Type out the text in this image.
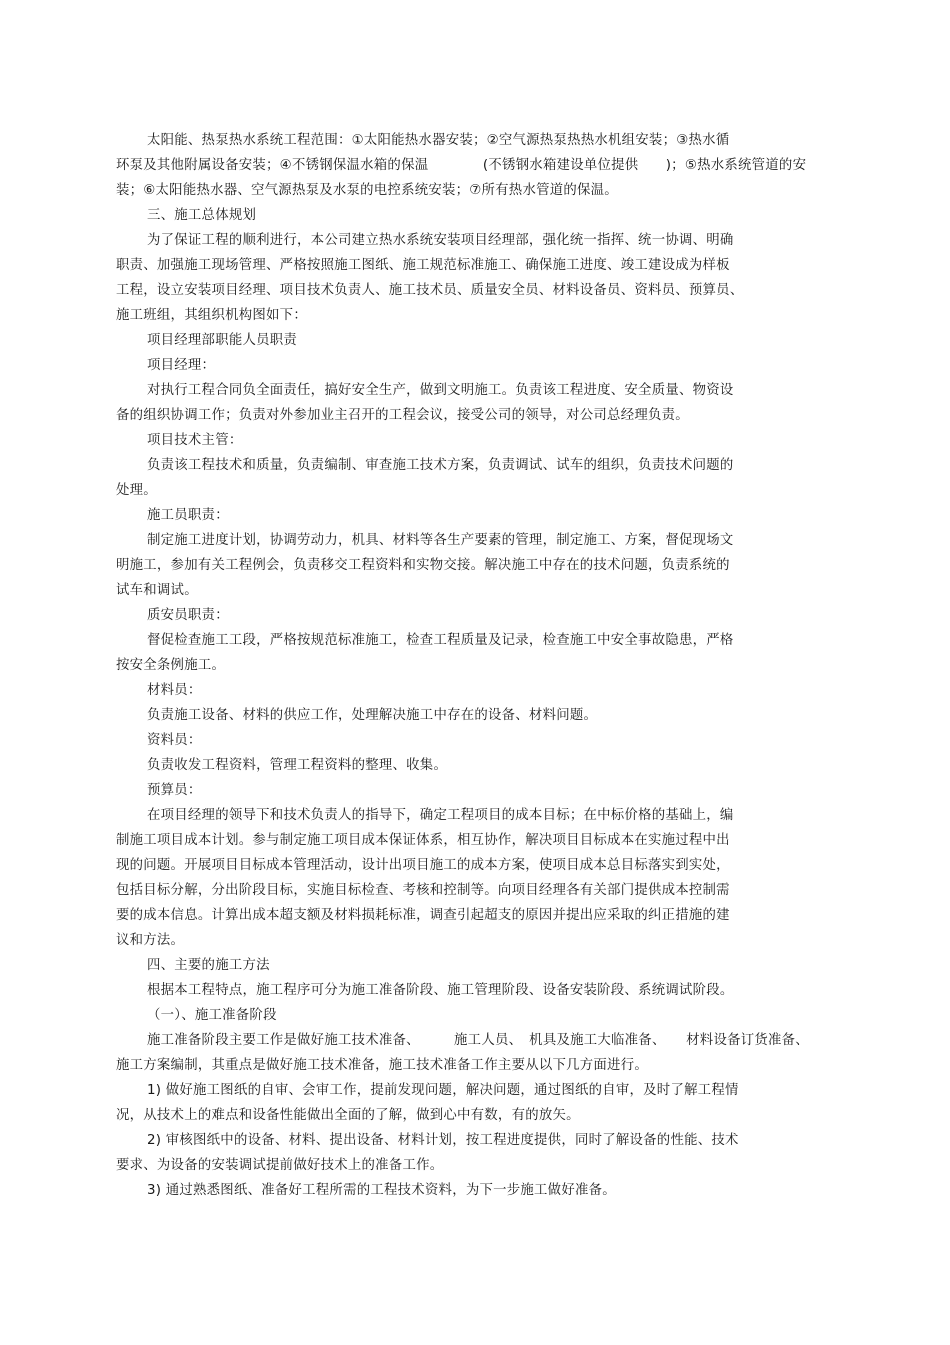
太阳能、热泵热水系统工程范围：①太阳能热水器安装；②空气源热泵热热水机组安装；③热水循
环泵及其他附属设备安装；④不锈钢保温水箱的保温　　　　(不锈钢水箱建设单位提供　　)；⑤热水系统管道的安
装；⑥太阳能热水器、空气源热泵及水泵的电控系统安装；⑦所有热水管道的保温。
三、施工总体规划
为了保证工程的顺利进行，本公司建立热水系统安装项目经理部，强化统一指挥、统一协调、明确
职责、加强施工现场管理、严格按照施工图纸、施工规范标准施工、确保施工进度、竣工建设成为样板
工程，设立安装项目经理、项目技术负责人、施工技术员、质量安全员、材料设备员、资料员、预算员、
施工班组，其组织机构图如下：
项目经理部职能人员职责
项目经理：
对执行工程合同负全面责任，搞好安全生产，做到文明施工。负责该工程进度、安全质量、物资设
备的组织协调工作；负责对外参加业主召开的工程会议，接受公司的领导，对公司总经理负责。
项目技术主管：
负责该工程技术和质量，负责编制、审查施工技术方案，负责调试、试车的组织，负责技术问题的
处理。
施工员职责：
制定施工进度计划，协调劳动力，机具、材料等各生产要素的管理，制定施工、方案，督促现场文
明施工，参加有关工程例会，负责移交工程资料和实物交接。解决施工中存在的技术问题，负责系统的
试车和调试。
质安员职责：
督促检查施工工段，严格按规范标准施工，检查工程质量及记录，检查施工中安全事故隐患，严格
按安全条例施工。
材料员：
负责施工设备、材料的供应工作，处理解决施工中存在的设备、材料问题。
资料员：
负责收发工程资料，管理工程资料的整理、收集。
预算员：
在项目经理的领导下和技术负责人的指导下，确定工程项目的成本目标；在中标价格的基础上，编
制施工项目成本计划。参与制定施工项目成本保证体系，相互协作，解决项目目标成本在实施过程中出
现的问题。开展项目目标成本管理活动，设计出项目施工的成本方案，使项目成本总目标落实到实处，
包括目标分解，分出阶段目标，实施目标检查、考核和控制等。向项目经理各有关部门提供成本控制需
要的成本信息。计算出成本超支额及材料损耗标准，调查引起超支的原因并提出应采取的纠正措施的建
议和方法。
四、主要的施工方法
根据本工程特点，施工程序可分为施工准备阶段、施工管理阶段、设备安装阶段、系统调试阶段。
（一）、施工准备阶段
施工准备阶段主要工作是做好施工技术准备、　　　施工人员、　机具及施工大临准备、　　材料设备订货准备、
施工方案编制，其重点是做好施工技术准备，施工技术准备工作主要从以下几方面进行。
1) 做好施工图纸的自审、会审工作，提前发现问题，解决问题，通过图纸的自审，及时了解工程情
况，从技术上的难点和设备性能做出全面的了解，做到心中有数，有的放矢。
2) 审核图纸中的设备、材料、提出设备、材料计划，按工程进度提供，同时了解设备的性能、技术
要求、为设备的安装调试提前做好技术上的准备工作。
3) 通过熟悉图纸、准备好工程所需的工程技术资料，为下一步施工做好准备。
